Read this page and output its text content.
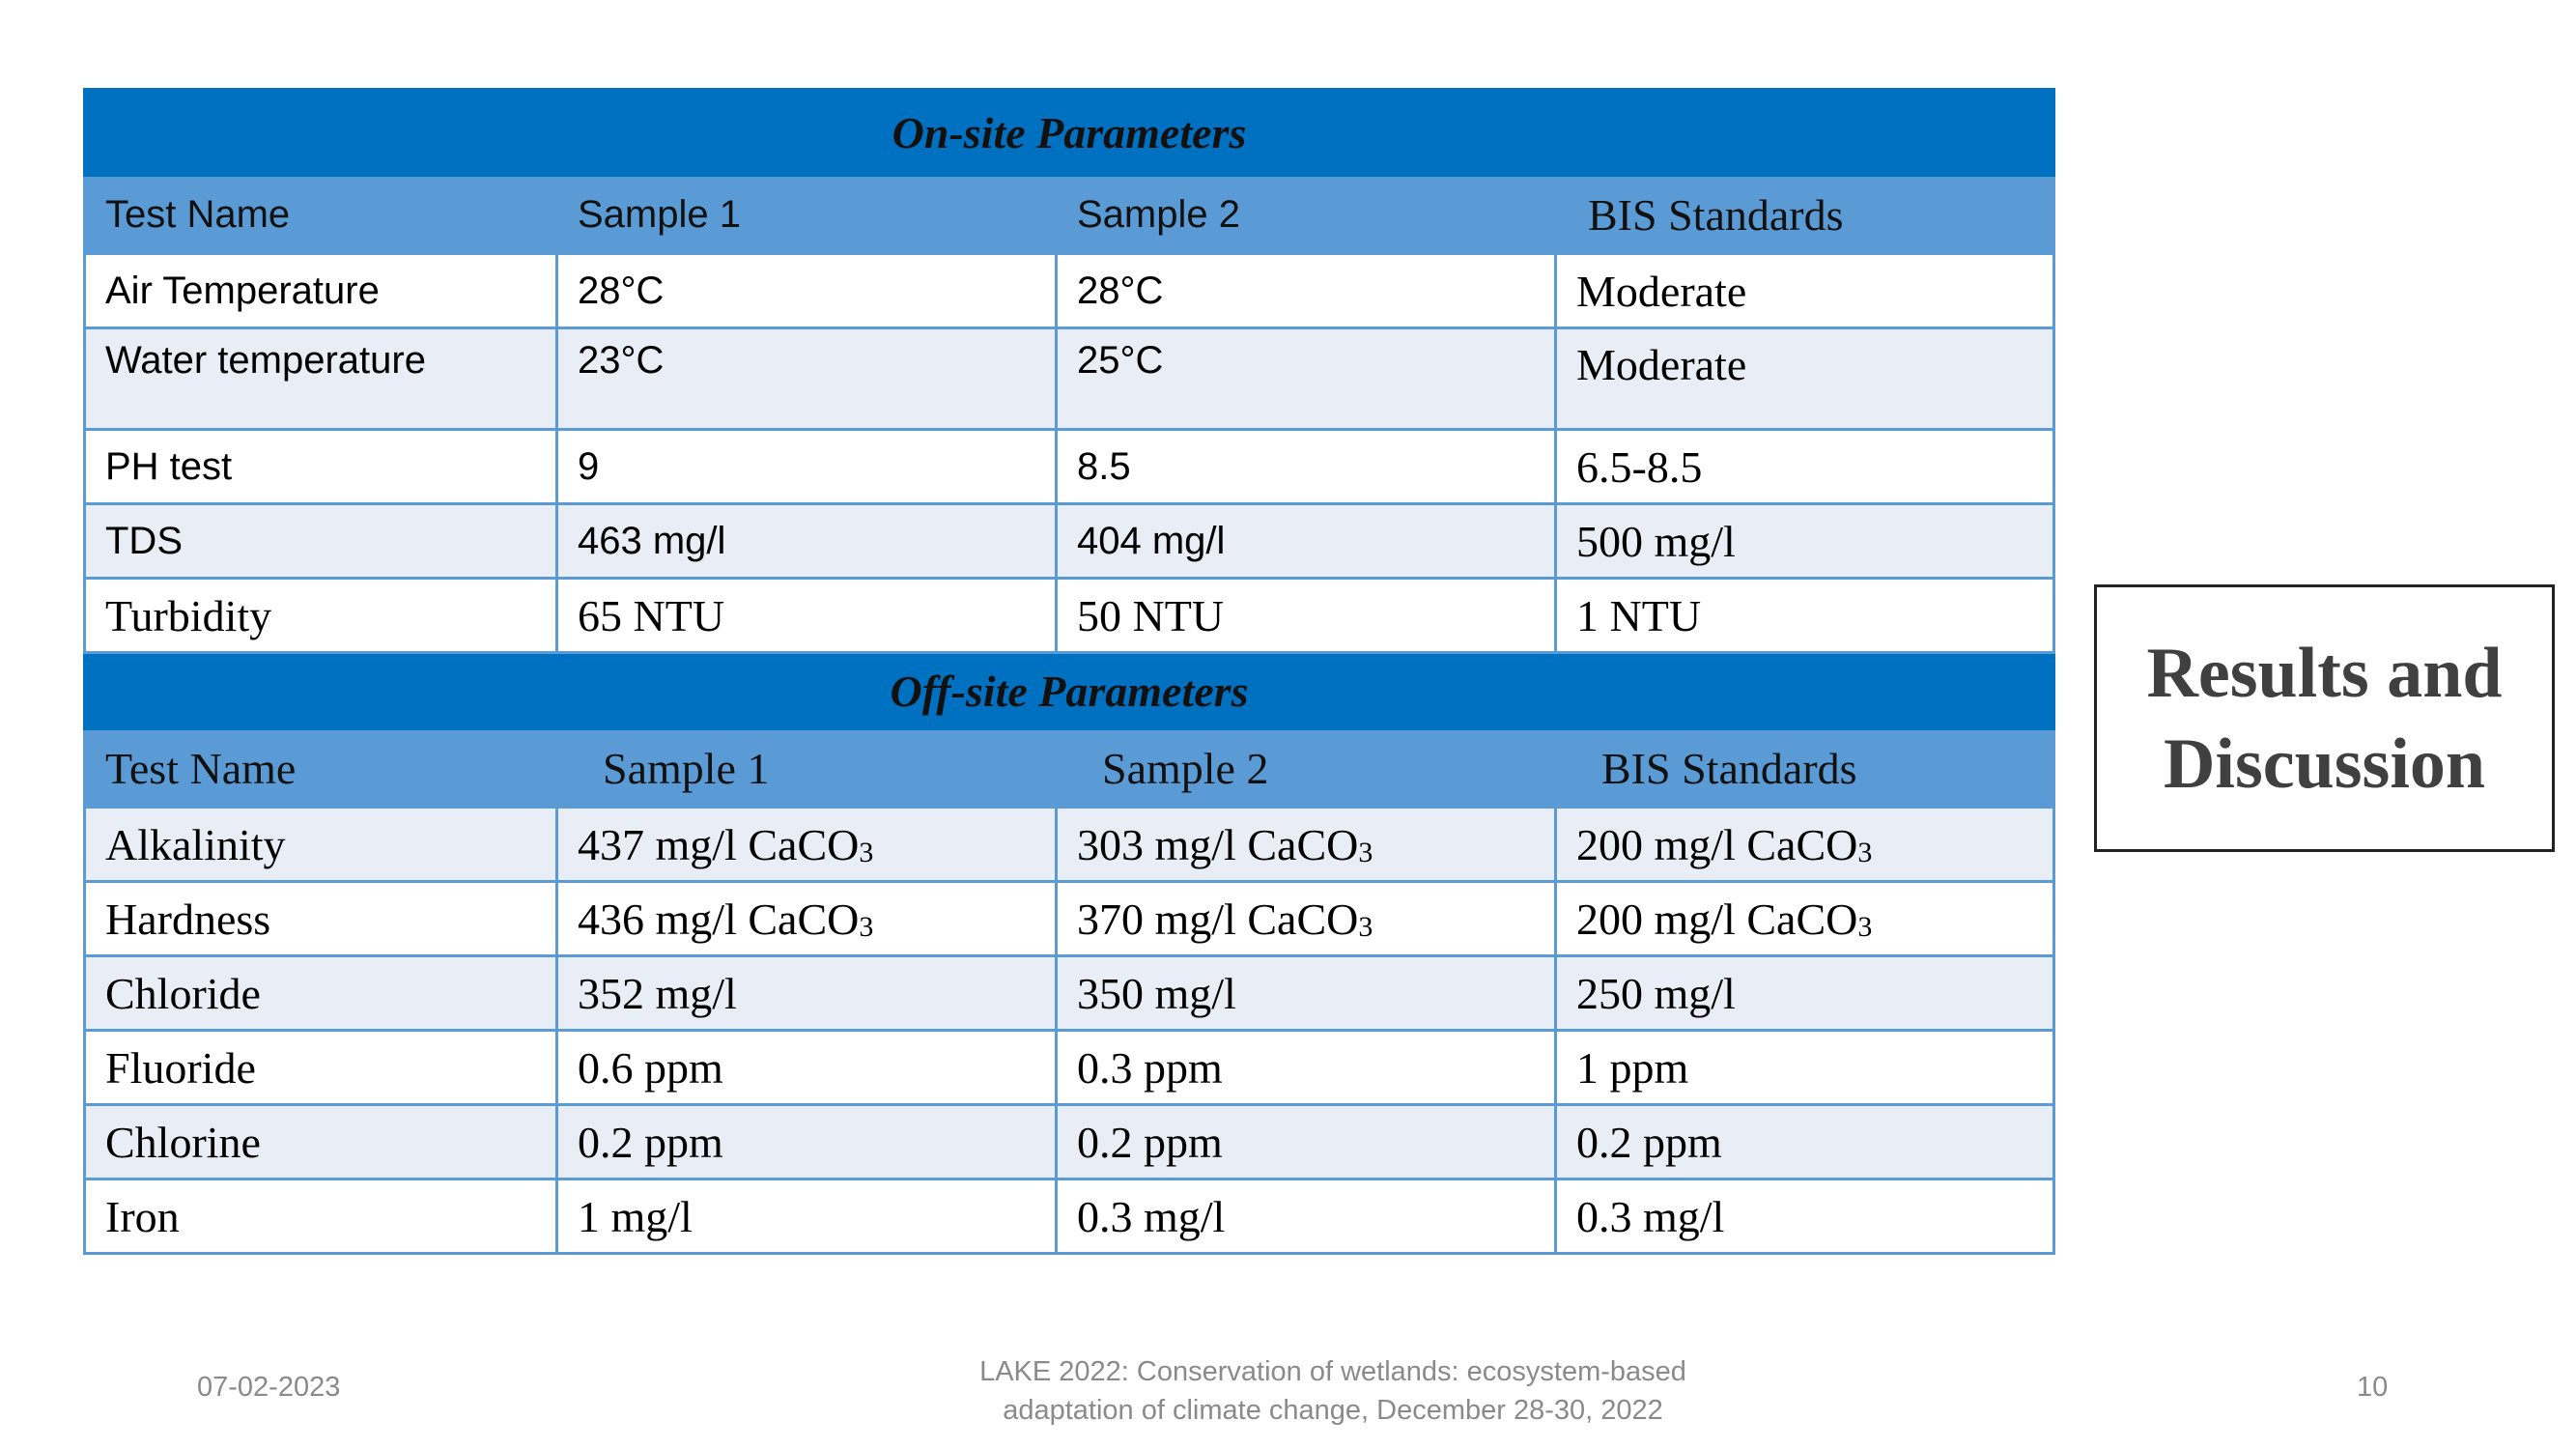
On-site Parameters			
Test Name	Sample 1	Sample 2	BIS Standards
Air Temperature	28°C	28°C	Moderate
Water temperature	23°C	25°C	Moderate
PH test	9	8.5	6.5-8.5
TDS	463 mg/l	404 mg/l	500 mg/l
Turbidity	65 NTU	50 NTU	1 NTU
Off-site Parameters			
Test Name	Sample 1	Sample 2	BIS Standards
Alkalinity	437 mg/l CaCO$_3$	303 mg/l CaCO$_3$	200 mg/l CaCO$_3$
Hardness	436 mg/l CaCO$_3$	370 mg/l CaCO$_3$	200 mg/l CaCO$_3$
Chloride	352 mg/l	350 mg/l	250 mg/l
Fluoride	0.6 ppm	0.3 ppm	1 ppm
Chlorine	0.2 ppm	0.2 ppm	0.2 ppm
Iron	1 mg/l	0.3 mg/l	0.3 mg/l
Results and
Discussion
07-02-2023	LAKE 2022: Conservation of wetlands: ecosystem-based
adaptation of climate change, December 28-30, 2022
10
